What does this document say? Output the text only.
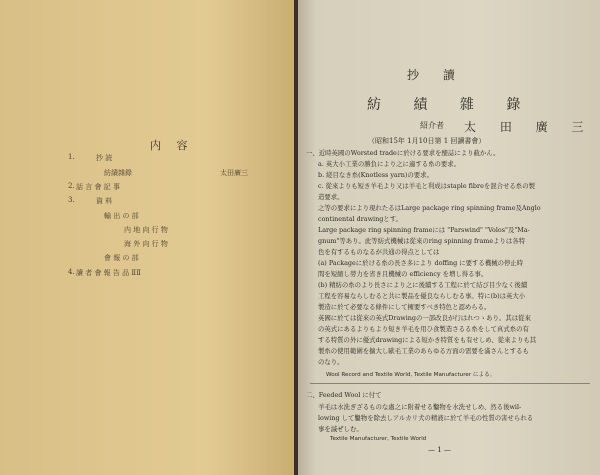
内 容
1.	抄 読
紡績雜錄	太田廣三
2. 話 言 會 記 事
3.	資 料
輸 出 の 部
内 地 向 行 物
海 外 向 行 物
會 報 の 部
4. 讀 者 會 報 告 品 ⅡⅡ
抄 讀
紡 績 雜 錄
紹介者 太 田 廣 三
（昭和15年 1月10日第 1 回讀書會）
一、近時英國のWorsted tradeに於ける要求を醍誌により截かん。
a. 英大小工業の勝負により之に適する糸の要求。
b. 縒目なき糸(Knotless yarn)の要求。
c. 從來よりも短き羊毛より又は羊毛と利成はstaple fibreを混合せる糸の製
造要求。
之等の要求により現れたるはLarge package ring spinning frame及Anglo
continental drawingとす。
Large package ring spinning frameには "Parswind" "Volos"及"Ma-
gnum"等あり。此等紡式機械は從來のring spinning frameよりは各特
色を有するものなるが共通の得点としては
(a) Packageに於ける糸の長さ多により doffing に要する機械の停止時
間を短縮し勞力を省き且機械の efficiency を増し得る事。
(b) 精紡の糸のより長さにより之に後續する工程に於て結び目少なく後續
工程を容易ならしむると共に製品を優良ならしむる事。特に(b)は英大小
製造に於て必要なる條件にして擁要すべき特色と認めらる。
英國に於ては從來の英式Drawingの一部改良が行はれつゝあり。其は從來
の英式にあるよりもより短き羊毛を用ひ食製造さるる糸をして真式糸の有
する特質の外に優式drawingによる短かき特質をも有せしめ、從來よりも其
製糸の使用範圍を擴大し歐毛工業のあらゆる方面の需要を滿さんとするも
のなり。
Wool Record and Textile World, Textile Manufacturer による。
二、Feeded Wool に付て
羊毛は水洗ぎざるものな處之に附着せる鑿物を水洗せしめ、然る後wil-
lowing して鑿物を除去しアルカリ犬の精液に於て羊毛の性質の害せられる
事を滅ぜしむ。
Textile Manufacturer, Textile World
— 1 —
